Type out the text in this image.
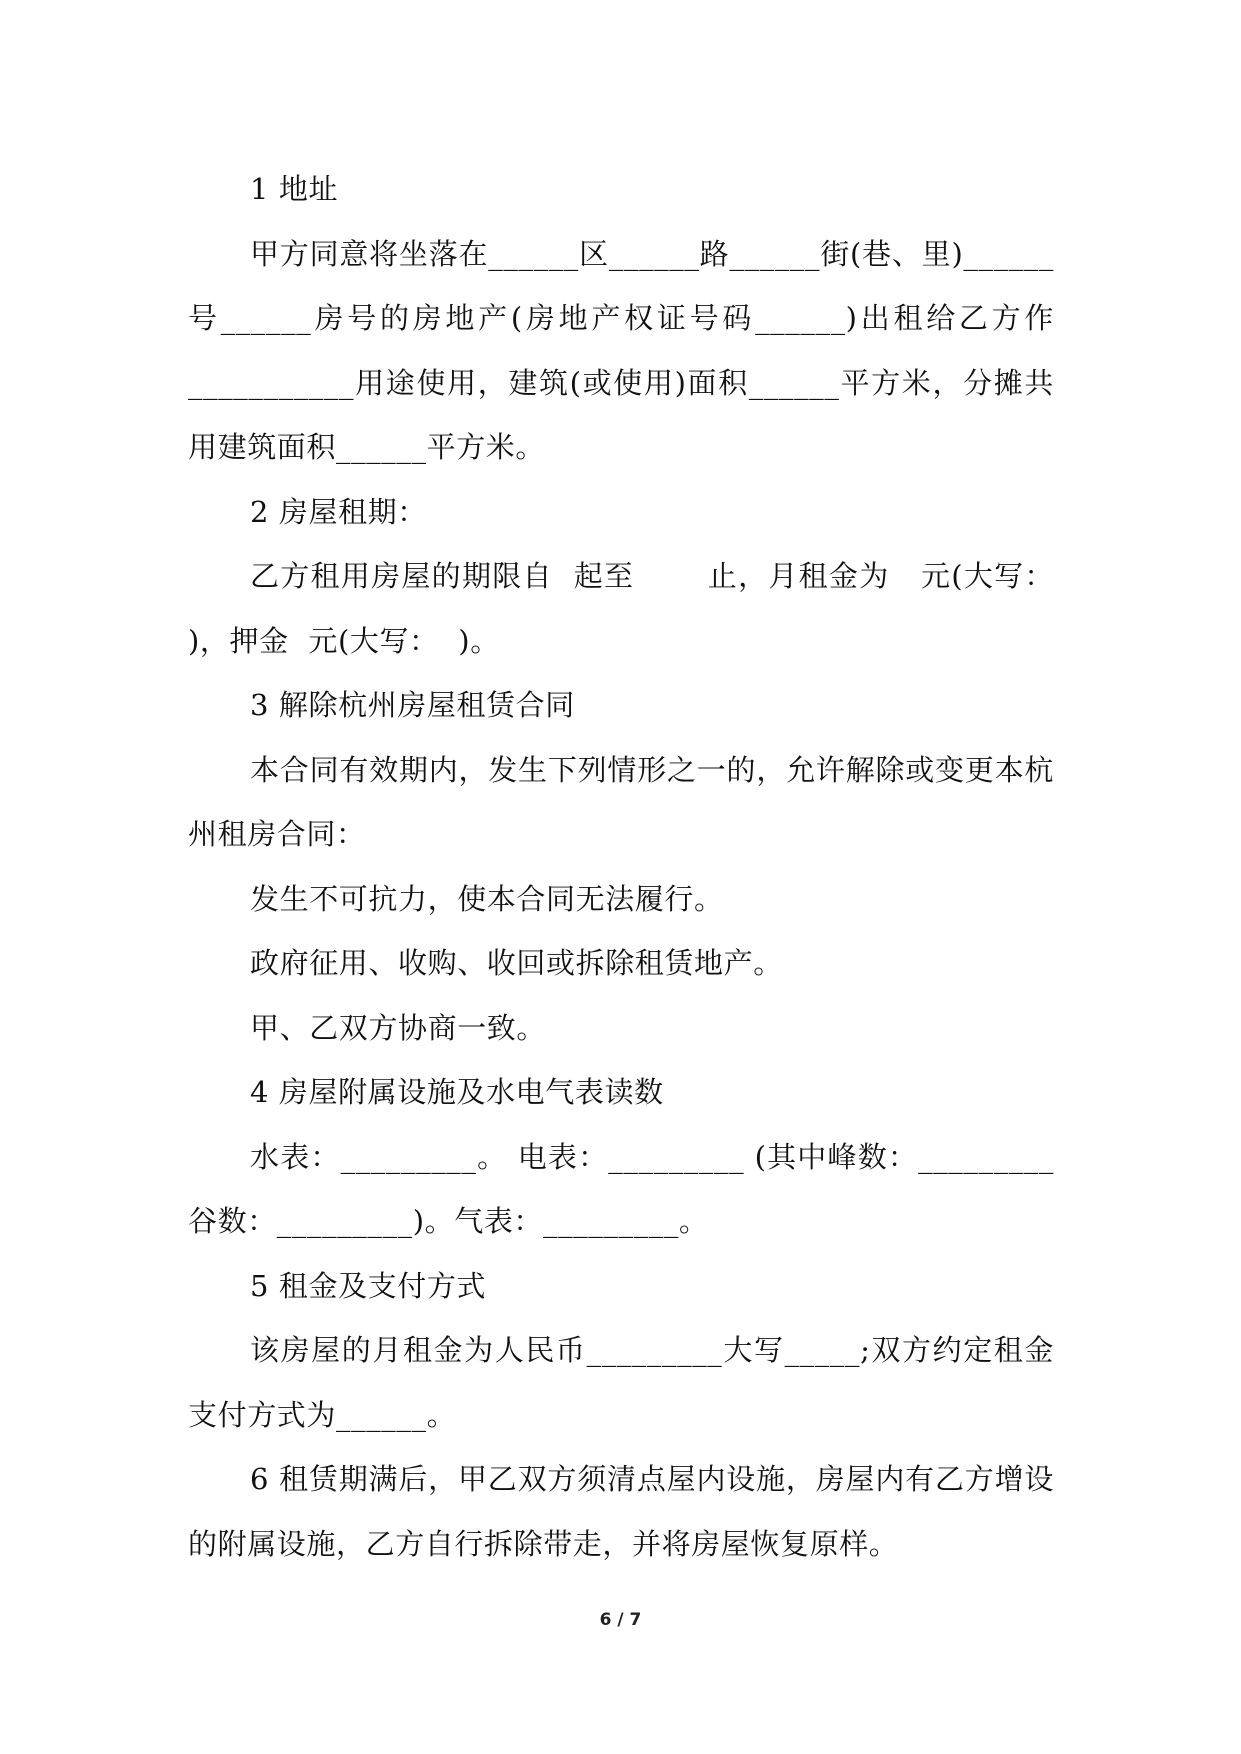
1 地址

甲方同意将坐落在______区______路______街(巷、里)______号______房号的房地产(房地产权证号码______)出租给乙方作___________用途使用，建筑(或使用)面积______平方米，分摊共用建筑面积______平方米。

2 房屋租期：

乙方租用房屋的期限自  起至       止，月租金为   元(大写：  )，押金  元(大写：  )。

3 解除杭州房屋租赁合同

本合同有效期内，发生下列情形之一的，允许解除或变更本杭州租房合同：

发生不可抗力，使本合同无法履行。

政府征用、收购、收回或拆除租赁地产。

甲、乙双方协商一致。

4 房屋附属设施及水电气表读数

水表：_________。 电表：_________ (其中峰数：_________谷数：_________)。气表：_________。

5 租金及支付方式

该房屋的月租金为人民币_________大写_____;双方约定租金支付方式为______。

6 租赁期满后，甲乙双方须清点屋内设施，房屋内有乙方增设的附属设施，乙方自行拆除带走，并将房屋恢复原样。

6 / 7
